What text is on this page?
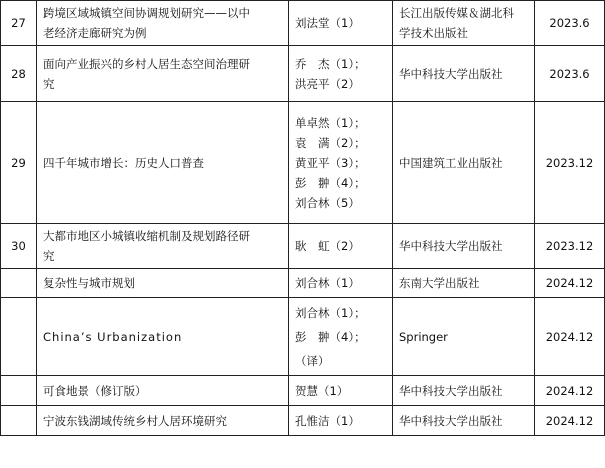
27	跨境区域城镇空间协调规划研究——以中
老经济走廊研究为例	刘法堂（1）	长江出版传媒＆湖北科
学技术出版社	2023.6
28	面向产业振兴的乡村人居生态空间治理研
究	乔　杰（1）；
洪亮平（2）	华中科技大学出版社	2023.6
29	四千年城市增长：历史人口普查	单卓然（1）；
袁　满（2）；
黄亚平（3）；
彭　翀（4）；
刘合林（5）	中国建筑工业出版社	2023.12
30	大都市地区小城镇收缩机制及规划路径研
究	耿　虹（2）	华中科技大学出版社	2023.12

	复杂性与城市规划	刘合林（1）	东南大学出版社	2024.12

	China’s Urbanization	刘合林（1）；
彭　翀（4）；
（译）	Springer	2024.12

	可食地景（修订版）	贺慧（1）	华中科技大学出版社	2024.12

	宁波东钱湖域传统乡村人居环境研究	孔惟洁（1）	华中科技大学出版社	2024.12
